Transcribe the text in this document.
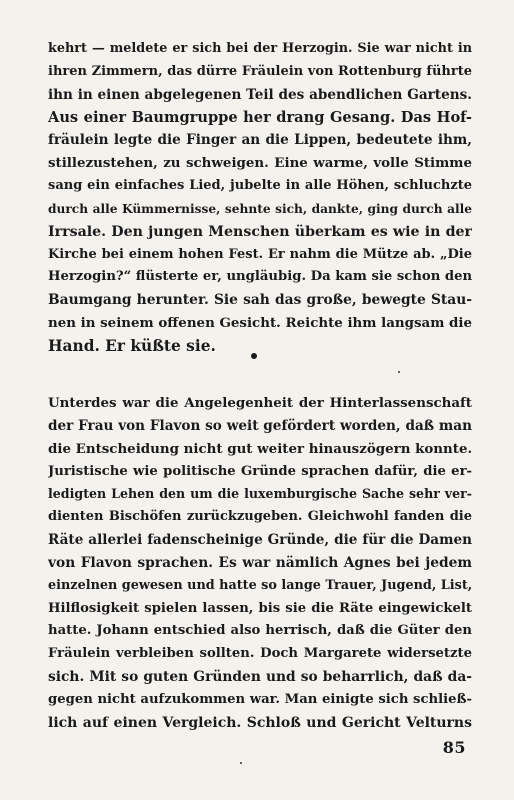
kehrt — meldete er sich bei der Herzogin. Sie war nicht in
ihren Zimmern, das dürre Fräulein von Rottenburg führte
ihn in einen abgelegenen Teil des abendlichen Gartens.
Aus einer Baumgruppe her drang Gesang. Das Hof-
fräulein legte die Finger an die Lippen, bedeutete ihm,
stillezustehen, zu schweigen. Eine warme, volle Stimme
sang ein einfaches Lied, jubelte in alle Höhen, schluchzte
durch alle Kümmernisse, sehnte sich, dankte, ging durch alle
Irrsale. Den jungen Menschen überkam es wie in der
Kirche bei einem hohen Fest. Er nahm die Mütze ab. „Die
Herzogin?“ flüsterte er, ungläubig. Da kam sie schon den
Baumgang herunter. Sie sah das große, bewegte Stau-
nen in seinem offenen Gesicht. Reichte ihm langsam die
Hand. Er küßte sie.
Unterdes war die Angelegenheit der Hinterlassenschaft
der Frau von Flavon so weit gefördert worden, daß man
die Entscheidung nicht gut weiter hinauszögern konnte.
Juristische wie politische Gründe sprachen dafür, die er-
ledigten Lehen den um die luxemburgische Sache sehr ver-
dienten Bischöfen zurückzugeben. Gleichwohl fanden die
Räte allerlei fadenscheinige Gründe, die für die Damen
von Flavon sprachen. Es war nämlich Agnes bei jedem
einzelnen gewesen und hatte so lange Trauer, Jugend, List,
Hilflosigkeit spielen lassen, bis sie die Räte eingewickelt
hatte. Johann entschied also herrisch, daß die Güter den
Fräulein verbleiben sollten. Doch Margarete widersetzte
sich. Mit so guten Gründen und so beharrlich, daß da-
gegen nicht aufzukommen war. Man einigte sich schließ-
lich auf einen Vergleich. Schloß und Gericht Velturns
85
